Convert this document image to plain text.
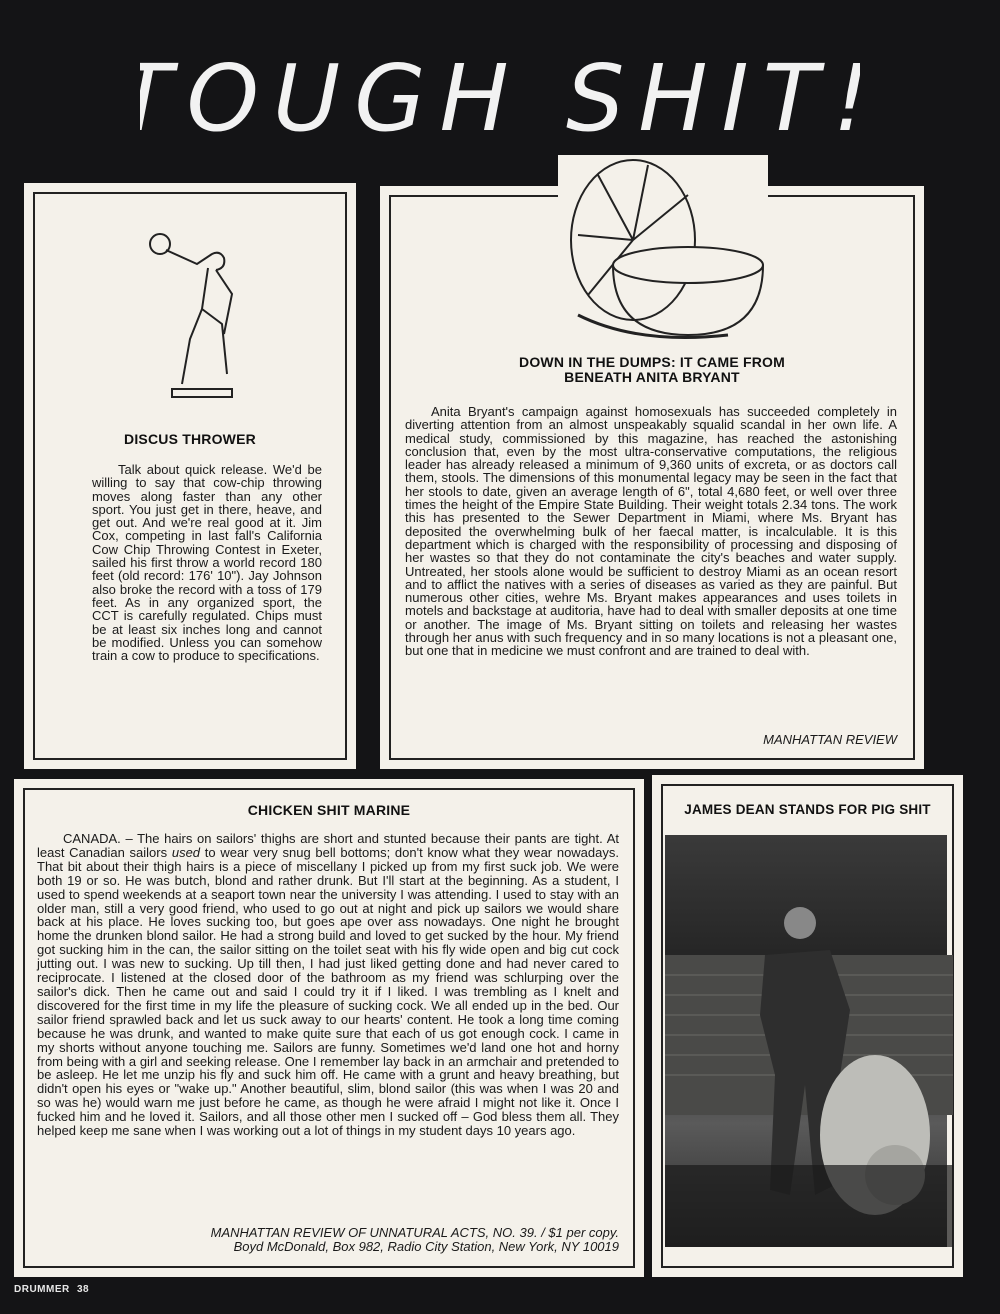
TOUGH SHIT!
DISCUS THROWER
Talk about quick release. We'd be willing to say that cow-chip throwing moves along faster than any other sport. You just get in there, heave, and get out. And we're real good at it. Jim Cox, competing in last fall's California Cow Chip Throwing Contest in Exeter, sailed his first throw a world record 180 feet (old record: 176' 10"). Jay Johnson also broke the record with a toss of 179 feet. As in any organized sport, the CCT is carefully regulated. Chips must be at least six inches long and cannot be modified. Unless you can somehow train a cow to produce to specifications.
DOWN IN THE DUMPS: IT CAME FROM BENEATH ANITA BRYANT
Anita Bryant's campaign against homosexuals has succeeded completely in diverting attention from an almost unspeakably squalid scandal in her own life. A medical study, commissioned by this magazine, has reached the astonishing conclusion that, even by the most ultra-conservative computations, the religious leader has already released a minimum of 9,360 units of excreta, or as doctors call them, stools. The dimensions of this monumental legacy may be seen in the fact that her stools to date, given an average length of 6", total 4,680 feet, or well over three times the height of the Empire State Building. Their weight totals 2.34 tons. The work this has presented to the Sewer Department in Miami, where Ms. Bryant has deposited the overwhelming bulk of her faecal matter, is incalculable. It is this department which is charged with the responsibility of processing and disposing of her wastes so that they do not contaminate the city's beaches and water supply. Untreated, her stools alone would be sufficient to destroy Miami as an ocean resort and to afflict the natives with a series of diseases as varied as they are painful. But numerous other cities, wehre Ms. Bryant makes appearances and uses toilets in motels and backstage at auditoria, have had to deal with smaller deposits at one time or another. The image of Ms. Bryant sitting on toilets and releasing her wastes through her anus with such frequency and in so many locations is not a pleasant one, but one that in medicine we must confront and are trained to deal with.
MANHATTAN REVIEW
CHICKEN SHIT MARINE
CANADA. – The hairs on sailors' thighs are short and stunted because their pants are tight. At least Canadian sailors used to wear very snug bell bottoms; don't know what they wear nowadays. That bit about their thigh hairs is a piece of miscellany I picked up from my first suck job. We were both 19 or so. He was butch, blond and rather drunk. But I'll start at the beginning. As a student, I used to spend weekends at a seaport town near the university I was attending. I used to stay with an older man, still a very good friend, who used to go out at night and pick up sailors we would share back at his place. He loves sucking too, but goes ape over ass nowadays. One night he brought home the drunken blond sailor. He had a strong build and loved to get sucked by the hour. My friend got sucking him in the can, the sailor sitting on the toilet seat with his fly wide open and big cut cock jutting out. I was new to sucking. Up till then, I had just liked getting done and had never cared to reciprocate. I listened at the closed door of the bathroom as my friend was schlurping over the sailor's dick. Then he came out and said I could try it if I liked. I was trembling as I knelt and discovered for the first time in my life the pleasure of sucking cock. We all ended up in the bed. Our sailor friend sprawled back and let us suck away to our hearts' content. He took a long time coming because he was drunk, and wanted to make quite sure that each of us got enough cock. I came in my shorts without anyone touching me. Sailors are funny. Sometimes we'd land one hot and horny from being with a girl and seeking release. One I remember lay back in an armchair and pretended to be asleep. He let me unzip his fly and suck him off. He came with a grunt and heavy breathing, but didn't open his eyes or "wake up." Another beautiful, slim, blond sailor (this was when I was 20 and so was he) would warn me just before he came, as though he were afraid I might not like it. Once I fucked him and he loved it. Sailors, and all those other men I sucked off – God bless them all. They helped keep me sane when I was working out a lot of things in my student days 10 years ago.
MANHATTAN REVIEW OF UNNATURAL ACTS, NO. 39. / $1 per copy.
Boyd McDonald, Box 982, Radio City Station, New York, NY 10019
JAMES DEAN STANDS FOR PIG SHIT
DRUMMER 38
